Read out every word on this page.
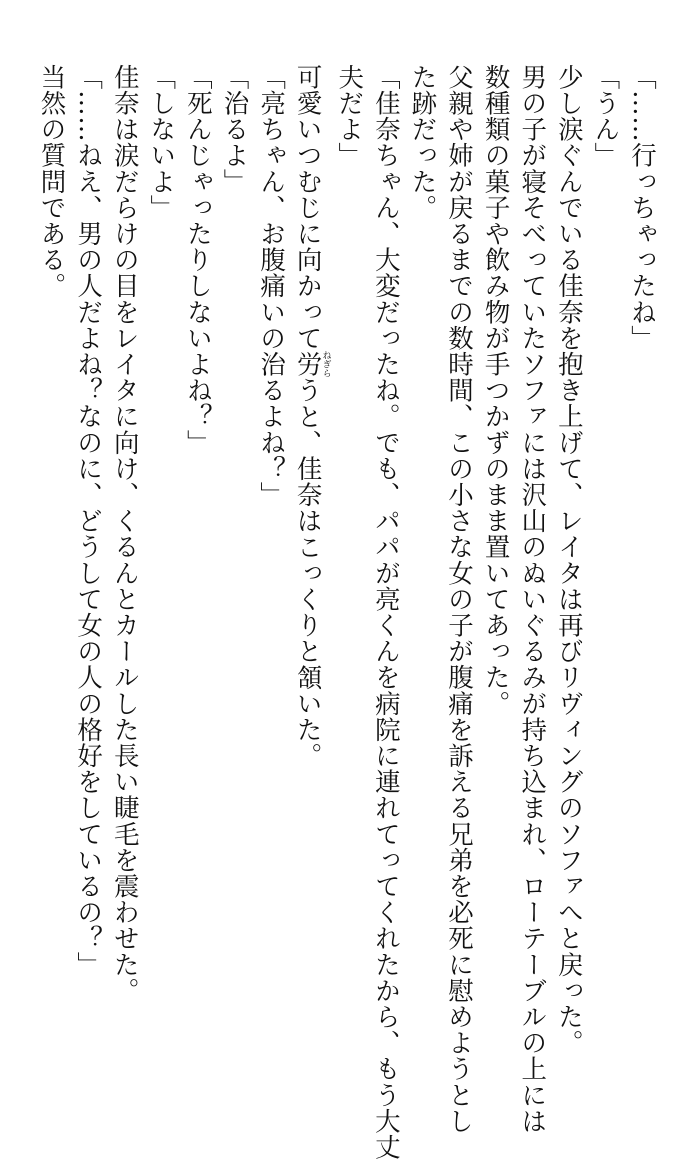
「……行っちゃったね」
「うん」
少し涙ぐんでいる佳奈を抱き上げて、レイタは再びリヴィングのソファへと戻った。
男の子が寝そべっていたソファには沢山のぬいぐるみが持ち込まれ、ローテーブルの上には
数種類の菓子や飲み物が手つかずのまま置いてあった。
父親や姉が戻るまでの数時間、この小さな女の子が腹痛を訴える兄弟を必死に慰めようとし
た跡だった。
「佳奈ちゃん、大変だったね。でも、パパが亮くんを病院に連れてってくれたから、もう大丈
夫だよ」
可愛いつむじに向かって労ねぎらうと、佳奈はこっくりと頷いた。
「亮ちゃん、お腹痛いの治るよね？」
「治るよ」
「死んじゃったりしないよね？」
「しないよ」
佳奈は涙だらけの目をレイタに向け、くるんとカールした長い睫毛を震わせた。
「……ねえ、男の人だよね？なのに、どうして女の人の格好をしているの？」
当然の質問である。
